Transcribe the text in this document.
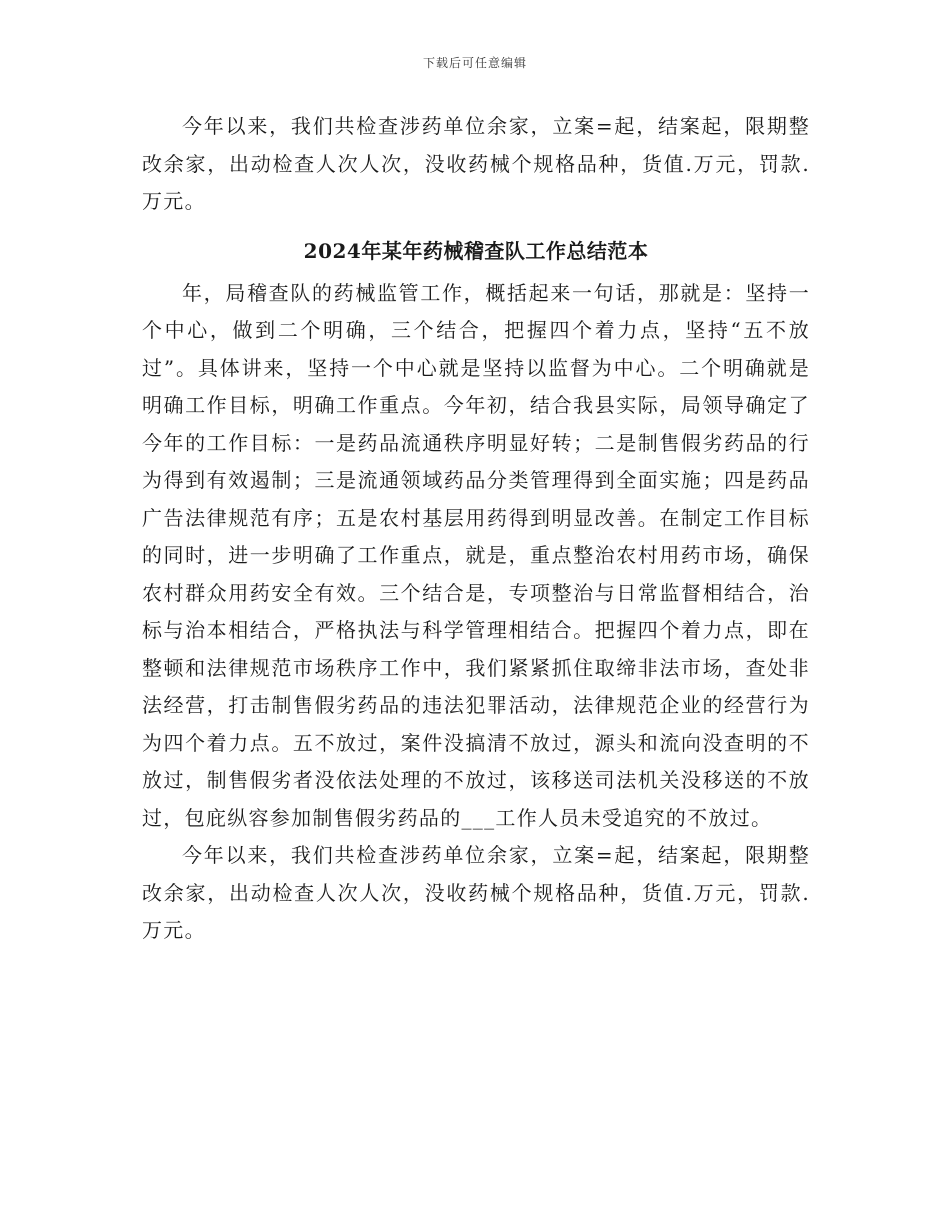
下载后可任意编辑

今年以来，我们共检查涉药单位余家，立案=起，结案起，限期整改余家，出动检查人次人次，没收药械个规格品种，货值.万元，罚款.万元。

2024年某年药械稽查队工作总结范本

年，局稽查队的药械监管工作，概括起来一句话，那就是：坚持一个中心，做到二个明确，三个结合，把握四个着力点，坚持“五不放过”。具体讲来，坚持一个中心就是坚持以监督为中心。二个明确就是明确工作目标，明确工作重点。今年初，结合我县实际，局领导确定了今年的工作目标：一是药品流通秩序明显好转；二是制售假劣药品的行为得到有效遏制；三是流通领域药品分类管理得到全面实施；四是药品广告法律规范有序；五是农村基层用药得到明显改善。在制定工作目标的同时，进一步明确了工作重点，就是，重点整治农村用药市场，确保农村群众用药安全有效。三个结合是，专项整治与日常监督相结合，治标与治本相结合，严格执法与科学管理相结合。把握四个着力点，即在整顿和法律规范市场秩序工作中，我们紧紧抓住取缔非法市场，查处非法经营，打击制售假劣药品的违法犯罪活动，法律规范企业的经营行为为四个着力点。五不放过，案件没搞清不放过，源头和流向没查明的不放过，制售假劣者没依法处理的不放过，该移送司法机关没移送的不放过，包庇纵容参加制售假劣药品的___工作人员未受追究的不放过。

今年以来，我们共检查涉药单位余家，立案=起，结案起，限期整改余家，出动检查人次人次，没收药械个规格品种，货值.万元，罚款.万元。
